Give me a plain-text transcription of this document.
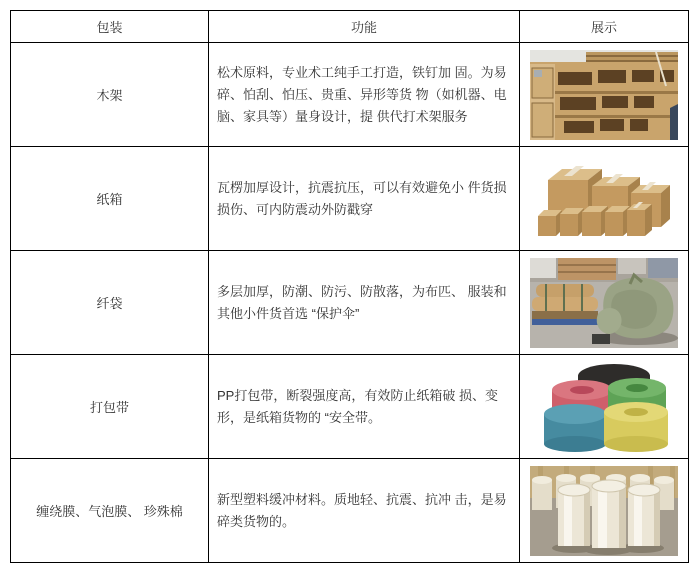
包装	功能	展示
木架	松术原料，专业术工纯手工打造，铁钉加 固。为易碎、怕刮、怕压、贵重、异形等货 物（如机器、电脑、家具等）量身设计，提 供代打术架服务	

纸箱	瓦楞加厚设计，抗震抗压，可以有效避免小 件货损损伤、可内防震动外防戳穿	

纤袋	多层加厚，防潮、防污、防散落，为布匹、 服装和其他小件货首选 “保护伞”	

打包带	PP打包带，断裂强度高，有效防止纸箱破 损、变形，是纸箱货物的 “安全带。	

缠绕膜、气泡膜、 珍殊棉	新型塑料缓冲材料。质地轻、抗震、抗冲 击，是易碎类货物的。	
